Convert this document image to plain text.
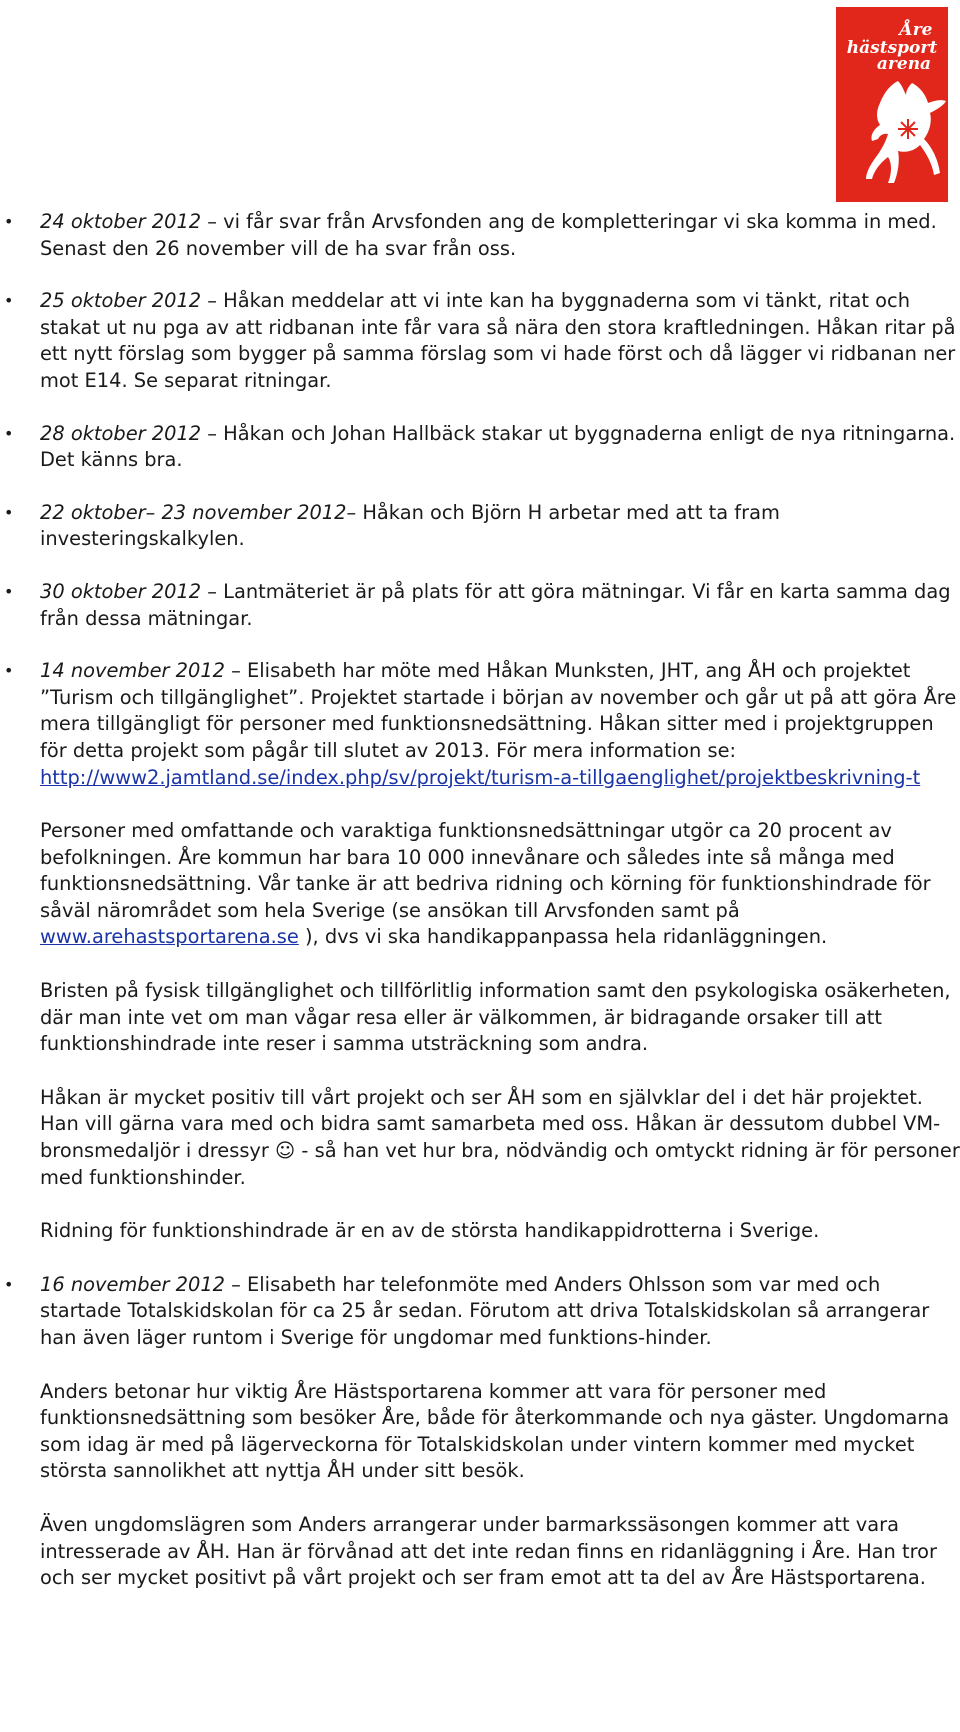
Åre
hästsport
arena
• 24 oktober 2012 – vi får svar från Arvsfonden ang de kompletteringar vi ska komma in med. Senast den 26 november vill de ha svar från oss.
• 25 oktober 2012 – Håkan meddelar att vi inte kan ha byggnaderna som vi tänkt, ritat och stakat ut nu pga av att ridbanan inte får vara så nära den stora kraftledningen. Håkan ritar på ett nytt förslag som bygger på samma förslag som vi hade först och då lägger vi ridbanan ner mot E14. Se separat ritningar.
• 28 oktober 2012 – Håkan och Johan Hallbäck stakar ut byggnaderna enligt de nya ritningarna. Det känns bra.
• 22 oktober– 23 november 2012– Håkan och Björn H arbetar med att ta fram investeringskalkylen.
• 30 oktober 2012 – Lantmäteriet är på plats för att göra mätningar. Vi får en karta samma dag från dessa mätningar.
• 14 november 2012 – Elisabeth har möte med Håkan Munksten, JHT, ang ÅH och projektet ”Turism och tillgänglighet”. Projektet startade i början av november och går ut på att göra Åre mera tillgängligt för personer med funktionsnedsättning. Håkan sitter med i projektgruppen för detta projekt som pågår till slutet av 2013. För mera information se: http://www2.jamtland.se/index.php/sv/projekt/turism-a-tillgaenglighet/projektbeskrivning-t
Personer med omfattande och varaktiga funktionsnedsättningar utgör ca 20 procent av befolkningen. Åre kommun har bara 10 000 innevånare och således inte så många med funktionsnedsättning. Vår tanke är att bedriva ridning och körning för funktionshindrade för såväl närområdet som hela Sverige (se ansökan till Arvsfonden samt på www.arehastsportarena.se ), dvs vi ska handikappanpassa hela ridanläggningen.
Bristen på fysisk tillgänglighet och tillförlitlig information samt den psykologiska osäkerheten, där man inte vet om man vågar resa eller är välkommen, är bidragande orsaker till att funktionshindrade inte reser i samma utsträckning som andra.
Håkan är mycket positiv till vårt projekt och ser ÅH som en självklar del i det här projektet. Han vill gärna vara med och bidra samt samarbeta med oss. Håkan är dessutom dubbel VM-bronsmedaljör i dressyr ☺ - så han vet hur bra, nödvändig och omtyckt ridning är för personer med funktionshinder.
Ridning för funktionshindrade är en av de största handikappidrotterna i Sverige.
• 16 november 2012 – Elisabeth har telefonmöte med Anders Ohlsson som var med och startade Totalskidskolan för ca 25 år sedan. Förutom att driva Totalskidskolan så arrangerar han även läger runtom i Sverige för ungdomar med funktions-hinder.
Anders betonar hur viktig Åre Hästsportarena kommer att vara för personer med funktionsnedsättning som besöker Åre, både för återkommande och nya gäster. Ungdomarna som idag är med på lägerveckorna för Totalskidskolan under vintern kommer med mycket största sannolikhet att nyttja ÅH under sitt besök.
Även ungdomslägren som Anders arrangerar under barmarkssäsongen kommer att vara intresserade av ÅH. Han är förvånad att det inte redan finns en ridanläggning i Åre. Han tror och ser mycket positivt på vårt projekt och ser fram emot att ta del av Åre Hästsportarena.
